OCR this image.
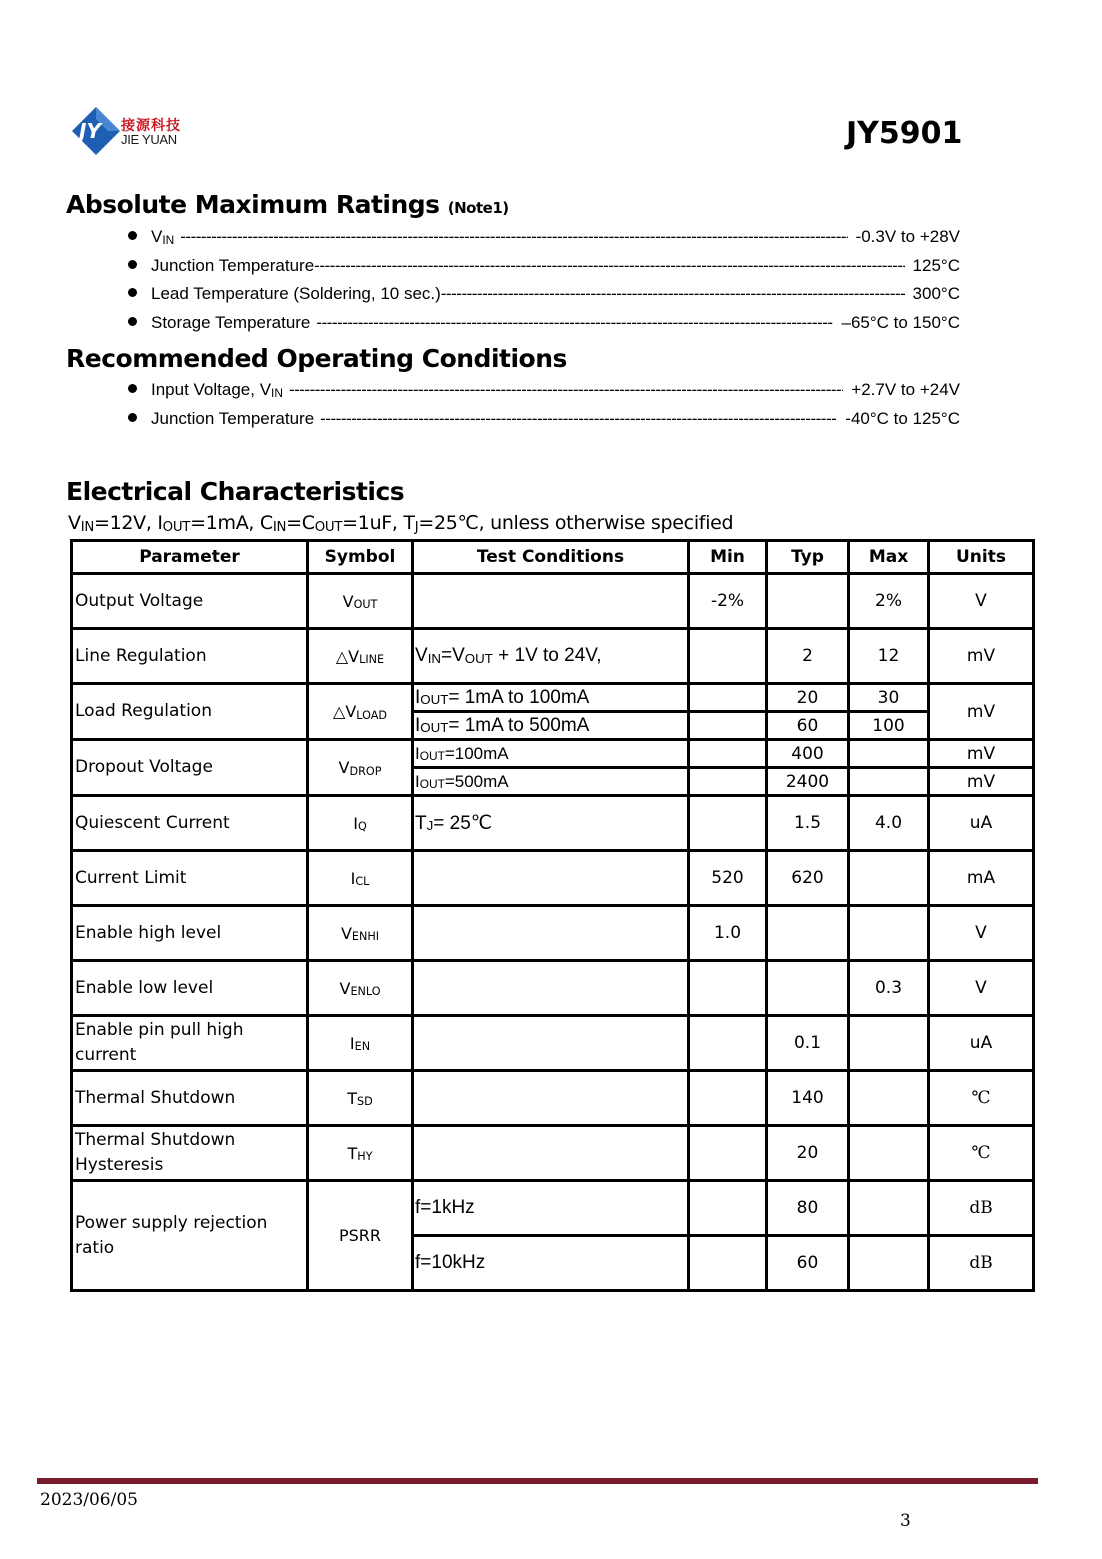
JY 接源科技
JIE YUAN	JY5901
Absolute Maximum Ratings (Note1)
VIN -----	-0.3V to +28V
Junction Temperature -----	125°C
Lead Temperature (Soldering, 10 sec.) -----	300°C
Storage Temperature -----	–65°C to 150°C
Recommended Operating Conditions
Input Voltage, VIN -----	+2.7V to +24V
Junction Temperature -----	-40°C to 125°C
Electrical Characteristics
VIN=12V, IOUT=1mA, CIN=COUT=1uF, TJ=25℃, unless otherwise specified
Parameter	Symbol	Test Conditions	Min	Typ	Max	Units
Output Voltage	VOUT		-2%		2%	V
Line Regulation	△VLINE	VIN=VOUT + 1V to 24V,		2	12	mV
Load Regulation	△VLOAD	IOUT= 1mA to 100mA		20	30	mV
		IOUT= 1mA to 500mA		60	100	
Dropout Voltage	VDROP	IOUT=100mA		400		mV
		IOUT=500mA		2400		mV
Quiescent Current	IQ	TJ= 25℃		1.5	4.0	uA
Current Limit	ICL		520	620		mA
Enable high level	VENHI		1.0			V
Enable low level	VENLO				0.3	V
Enable pin pull high current	IEN			0.1		uA
Thermal Shutdown	TSD			140		℃
Thermal Shutdown
Hysteresis	THY			20		℃
Power supply rejection
ratio	PSRR	f=1kHz		80		dB
		f=10kHz		60		dB
2023/06/05
3
